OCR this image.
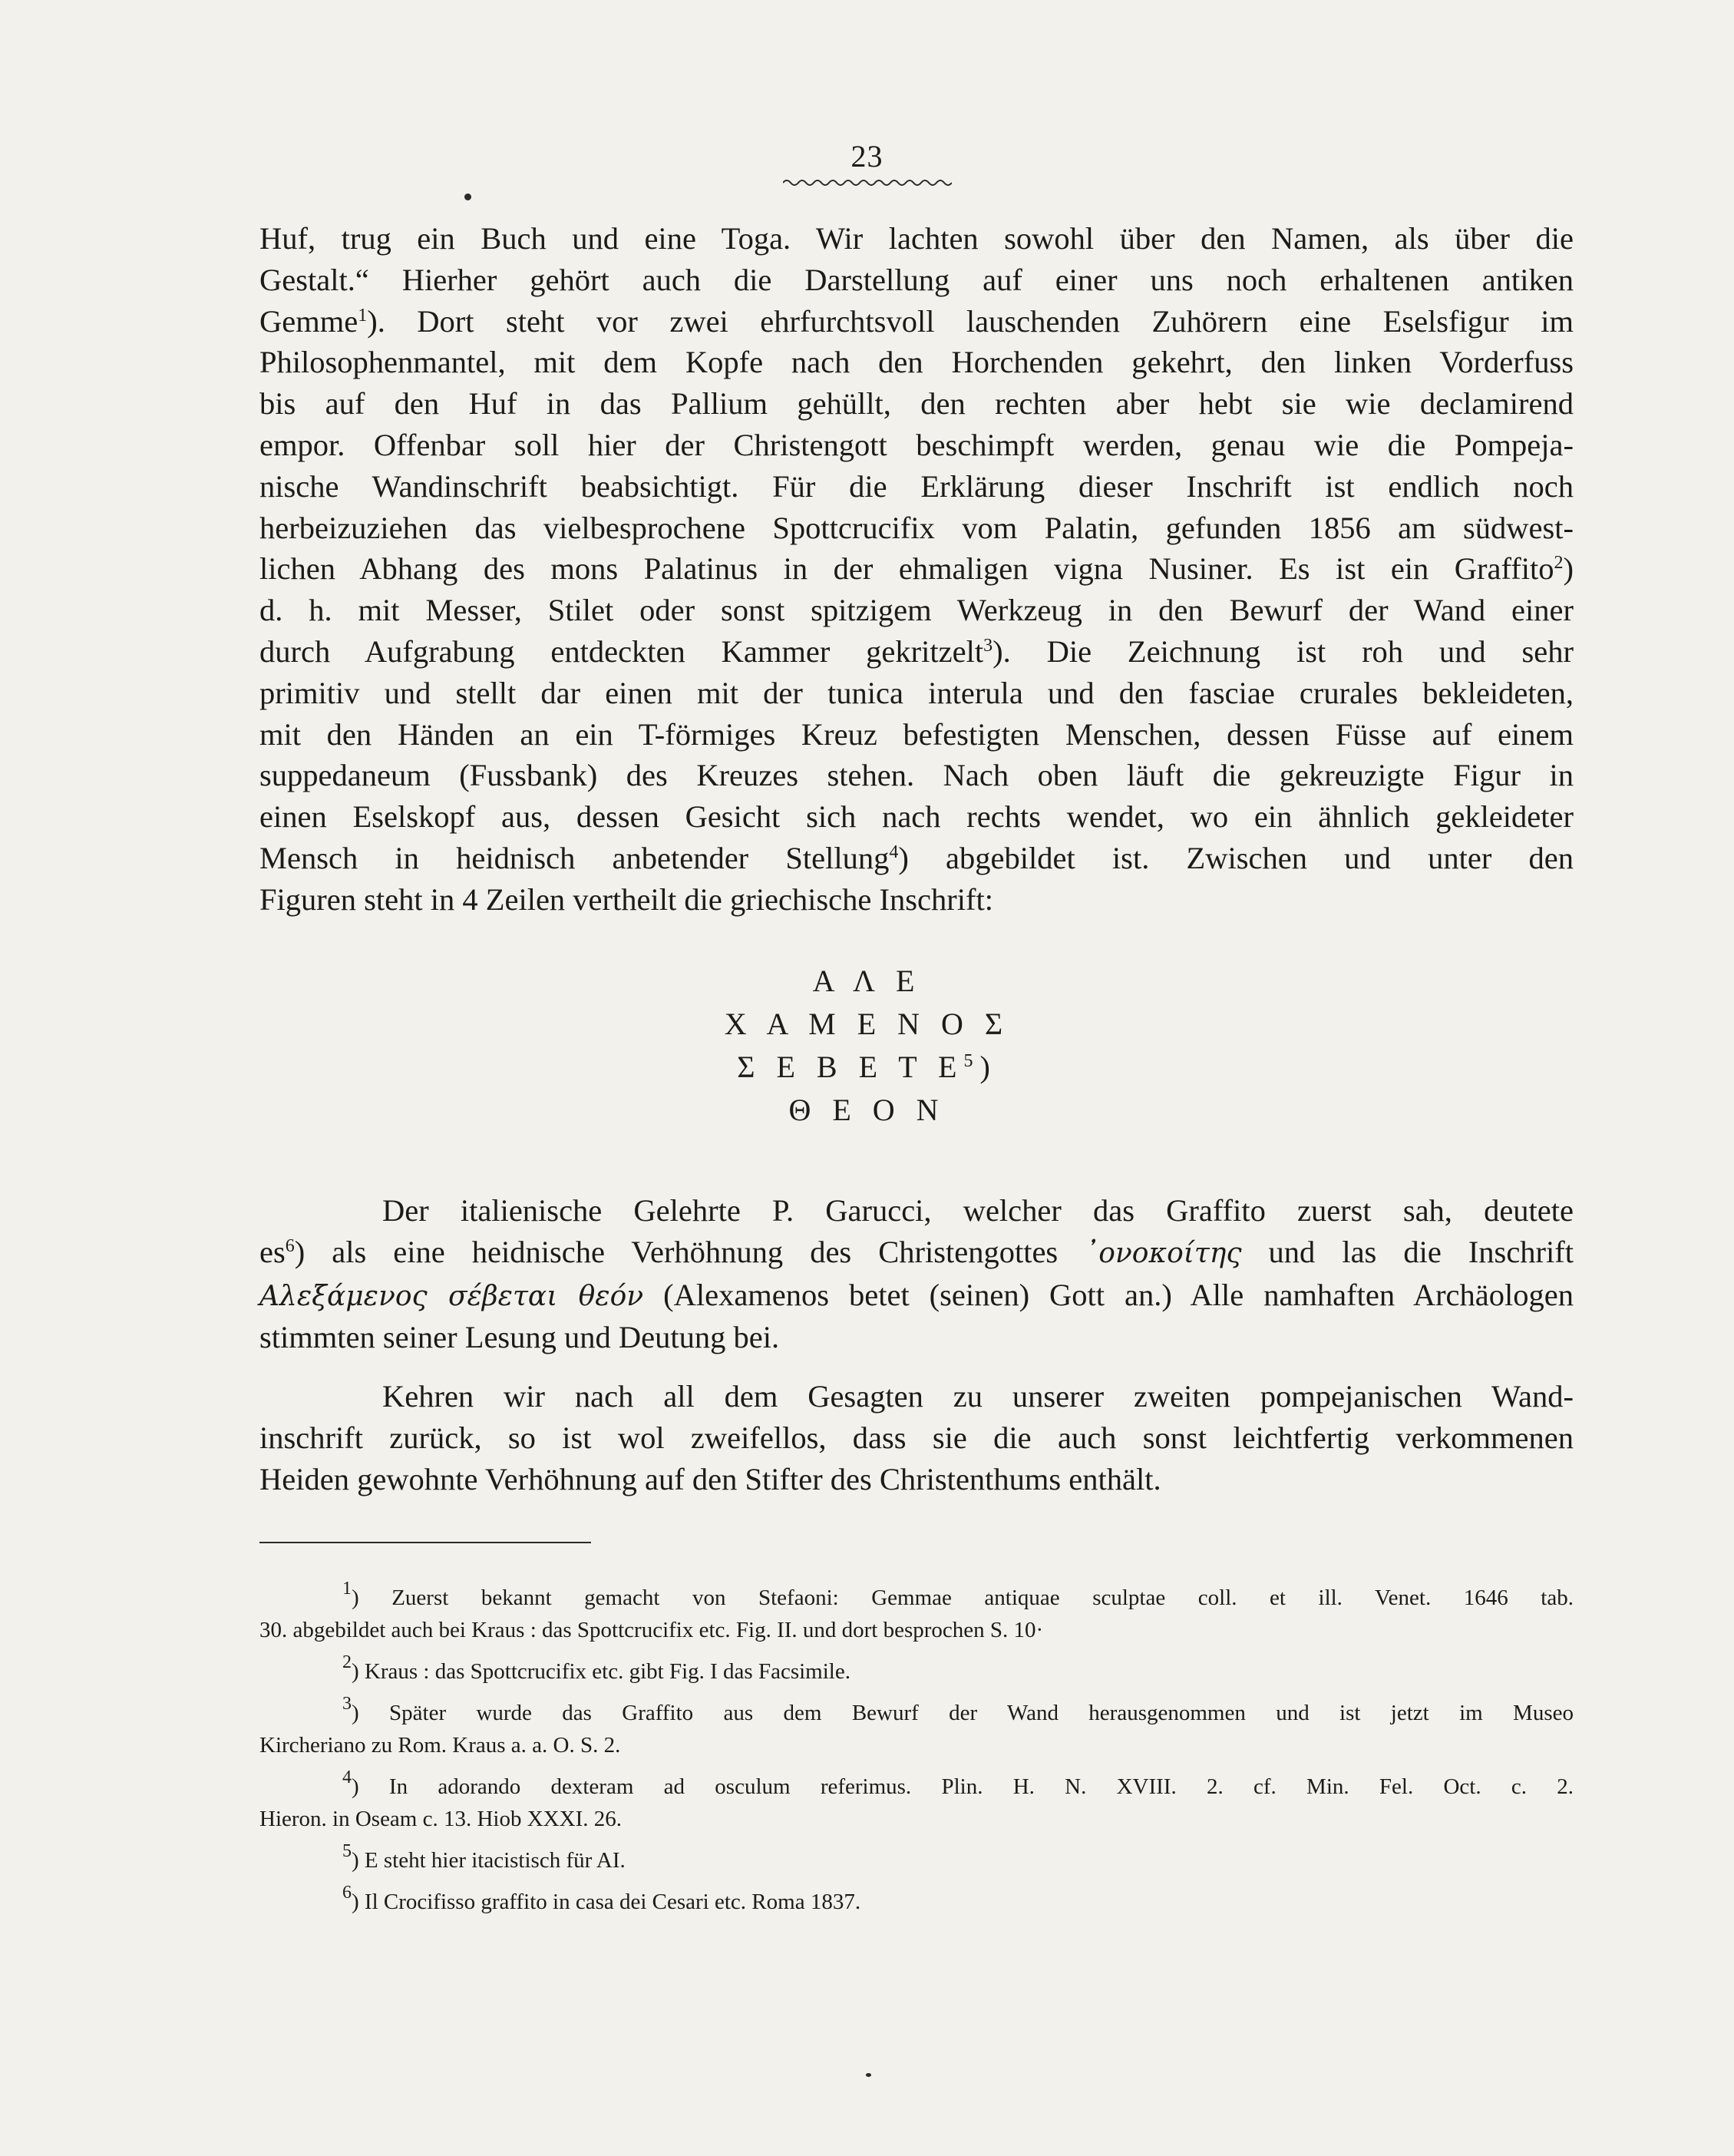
23
Huf, trug ein Buch und eine Toga. Wir lachten sowohl über den Namen, als über die
Gestalt.“ Hierher gehört auch die Darstellung auf einer uns noch erhaltenen antiken
Gemme$^1$). Dort steht vor zwei ehrfurchtsvoll lauschenden Zuhörern eine Eselsfigur im
Philosophenmantel, mit dem Kopfe nach den Horchenden gekehrt, den linken Vorderfuss
bis auf den Huf in das Pallium gehüllt, den rechten aber hebt sie wie declamirend
empor. Offenbar soll hier der Christengott beschimpft werden, genau wie die Pompeja-
nische Wandinschrift beabsichtigt. Für die Erklärung dieser Inschrift ist endlich noch
herbeizuziehen das vielbesprochene Spottcrucifix vom Palatin, gefunden 1856 am südwest-
lichen Abhang des mons Palatinus in der ehmaligen vigna Nusiner. Es ist ein Graffito$^2$)
d. h. mit Messer, Stilet oder sonst spitzigem Werkzeug in den Bewurf der Wand einer
durch Aufgrabung entdeckten Kammer gekritzelt$^3$). Die Zeichnung ist roh und sehr
primitiv und stellt dar einen mit der tunica interula und den fasciae crurales bekleideten,
mit den Händen an ein T-förmiges Kreuz befestigten Menschen, dessen Füsse auf einem
suppedaneum (Fussbank) des Kreuzes stehen. Nach oben läuft die gekreuzigte Figur in
einen Eselskopf aus, dessen Gesicht sich nach rechts wendet, wo ein ähnlich gekleideter
Mensch in heidnisch anbetender Stellung$^4$) abgebildet ist. Zwischen und unter den
Figuren steht in 4 Zeilen vertheilt die griechische Inschrift:
Α Λ Ε
Χ Α Μ Ε Ν Ο Σ
Σ Ε Β Ε Τ $E^5$)
Θ Ε Ο Ν
Der italienische Gelehrte P. Garucci, welcher das Graffito zuerst sah, deutete
$es^6$) als eine heidnische Verhöhnung des Christengottes ᾿ονοκοίτης und las die Inschrift
Αλεξάμενος σέβεται θεόν (Alexamenos betet (seinen) Gott an.) Alle namhaften Archäologen
stimmten seiner Lesung und Deutung bei.
Kehren wir nach all dem Gesagten zu unserer zweiten pompejanischen Wand-
inschrift zurück, so ist wol zweifellos, dass sie die auch sonst leichtfertig verkommenen
Heiden gewohnte Verhöhnung auf den Stifter des Christenthums enthält.
$^1$) Zuerst bekannt gemacht von Stefaoni: Gemmae antiquae sculptae coll. et ill. Venet. 1646 tab.
30. abgebildet auch bei Kraus : das Spottcrucifix etc. Fig. II. und dort besprochen S. 10·
$^2$) Kraus : das Spottcrucifix etc. gibt Fig. I das Facsimile.
$^3$) Später wurde das Graffito aus dem Bewurf der Wand herausgenommen und ist jetzt im Museo
Kircheriano zu Rom. Kraus a. a. O. S. 2.
$^4$) In adorando dexteram ad osculum referimus. Plin. H. N. XVIII. 2. cf. Min. Fel. Oct. c. 2.
Hieron. in Oseam c. 13. Hiob XXXI. 26.
$^5$) E steht hier itacistisch für AI.
$^6$) Il Crocifisso graffito in casa dei Cesari etc. Roma 1837.
